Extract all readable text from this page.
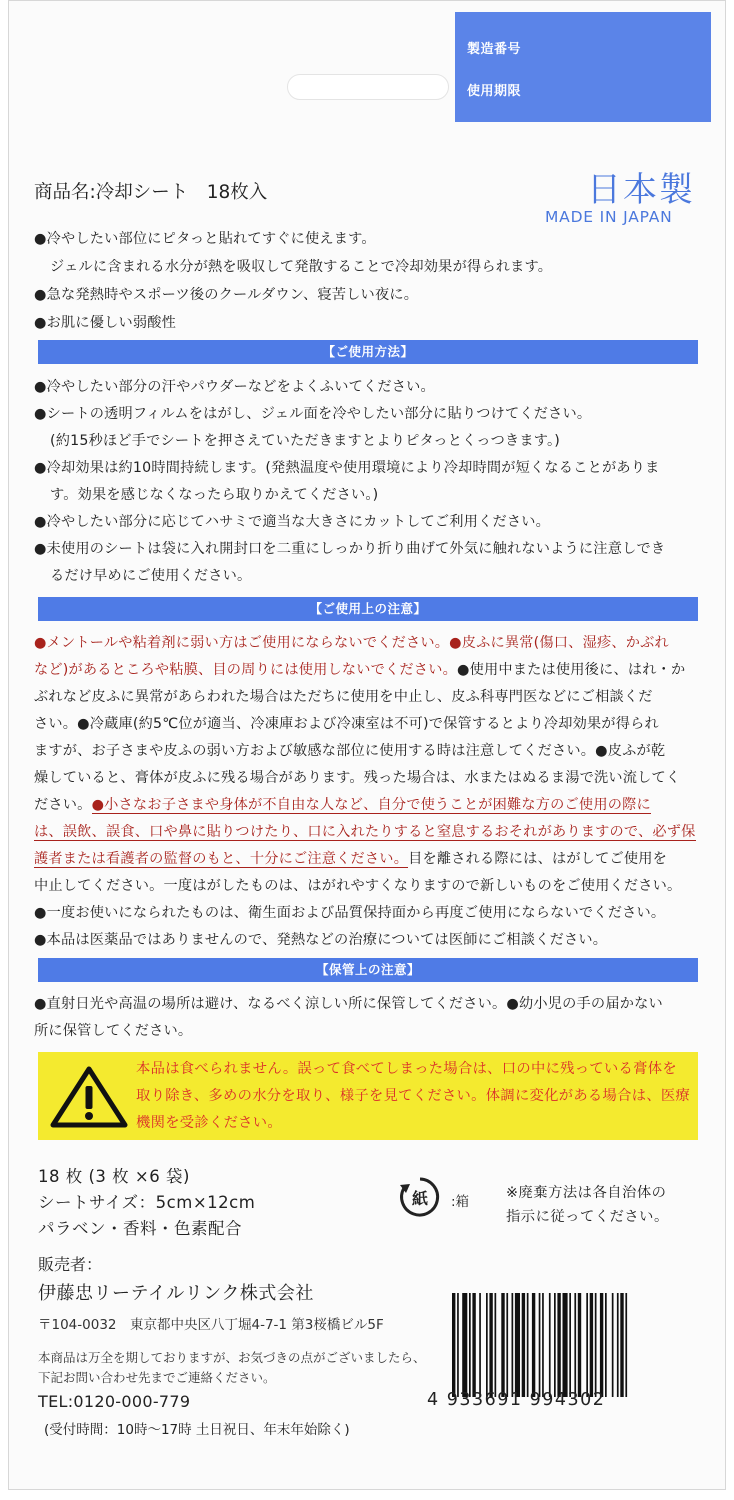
製造番号
使用期限
商品名:冷却シート　18枚入	日本製
MADE IN JAPAN
●冷やしたい部位にピタっと貼れてすぐに使えます。
ジェルに含まれる水分が熱を吸収して発散することで冷却効果が得られます。
●急な発熱時やスポーツ後のクールダウン、寝苦しい夜に。
●お肌に優しい弱酸性
【ご使用方法】
●冷やしたい部分の汗やパウダーなどをよくふいてください。
●シートの透明フィルムをはがし、ジェル面を冷やしたい部分に貼りつけてください。
(約15秒ほど手でシートを押さえていただきますとよりピタっとくっつきます。)
●冷却効果は約10時間持続します。(発熱温度や使用環境により冷却時間が短くなることがありま
す。効果を感じなくなったら取りかえてください。)
●冷やしたい部分に応じてハサミで適当な大きさにカットしてご利用ください。
●未使用のシートは袋に入れ開封口を二重にしっかり折り曲げて外気に触れないように注意しでき
るだけ早めにご使用ください。
【ご使用上の注意】
●メントールや粘着剤に弱い方はご使用にならないでください。●皮ふに異常(傷口、湿疹、かぶれ
など)があるところや粘膜、目の周りには使用しないでください。●使用中または使用後に、はれ・か
ぶれなど皮ふに異常があらわれた場合はただちに使用を中止し、皮ふ科専門医などにご相談くだ
さい。●冷蔵庫(約5℃位が適当、冷凍庫および冷凍室は不可)で保管するとより冷却効果が得られ
ますが、お子さまや皮ふの弱い方および敏感な部位に使用する時は注意してください。●皮ふが乾
燥していると、膏体が皮ふに残る場合があります。残った場合は、水またはぬるま湯で洗い流してく
ださい。●小さなお子さまや身体が不自由な人など、自分で使うことが困難な方のご使用の際に
は、誤飲、誤食、口や鼻に貼りつけたり、口に入れたりすると窒息するおそれがありますので、必ず保
護者または看護者の監督のもと、十分にご注意ください。目を離される際には、はがしてご使用を
中止してください。一度はがしたものは、はがれやすくなりますので新しいものをご使用ください。
●一度お使いになられたものは、衛生面および品質保持面から再度ご使用にならないでください。
●本品は医薬品ではありませんので、発熱などの治療については医師にご相談ください。
【保管上の注意】
●直射日光や高温の場所は避け、なるべく涼しい所に保管してください。●幼小児の手の届かない
所に保管してください。
本品は食べられません。誤って食べてしまった場合は、口の中に残っている膏体を
取り除き、多めの水分を取り、様子を見てください。体調に変化がある場合は、医療
機関を受診ください。
18 枚 (3 枚 ×6 袋)
シートサイズ：5cm×12cm
パラベン・香料・色素配合
紙 :箱
※廃棄方法は各自治体の
指示に従ってください。
販売者：
伊藤忠リーテイルリンク株式会社
〒104-0032　東京都中央区八丁堀4-7-1 第3桜橋ビル5F
本商品は万全を期しておりますが、お気づきの点がございましたら、
下記お問い合わせ先までご連絡ください。
TEL:0120-000-779
(受付時間：10時〜17時 土日祝日、年末年始除く)
4 933691 994302
